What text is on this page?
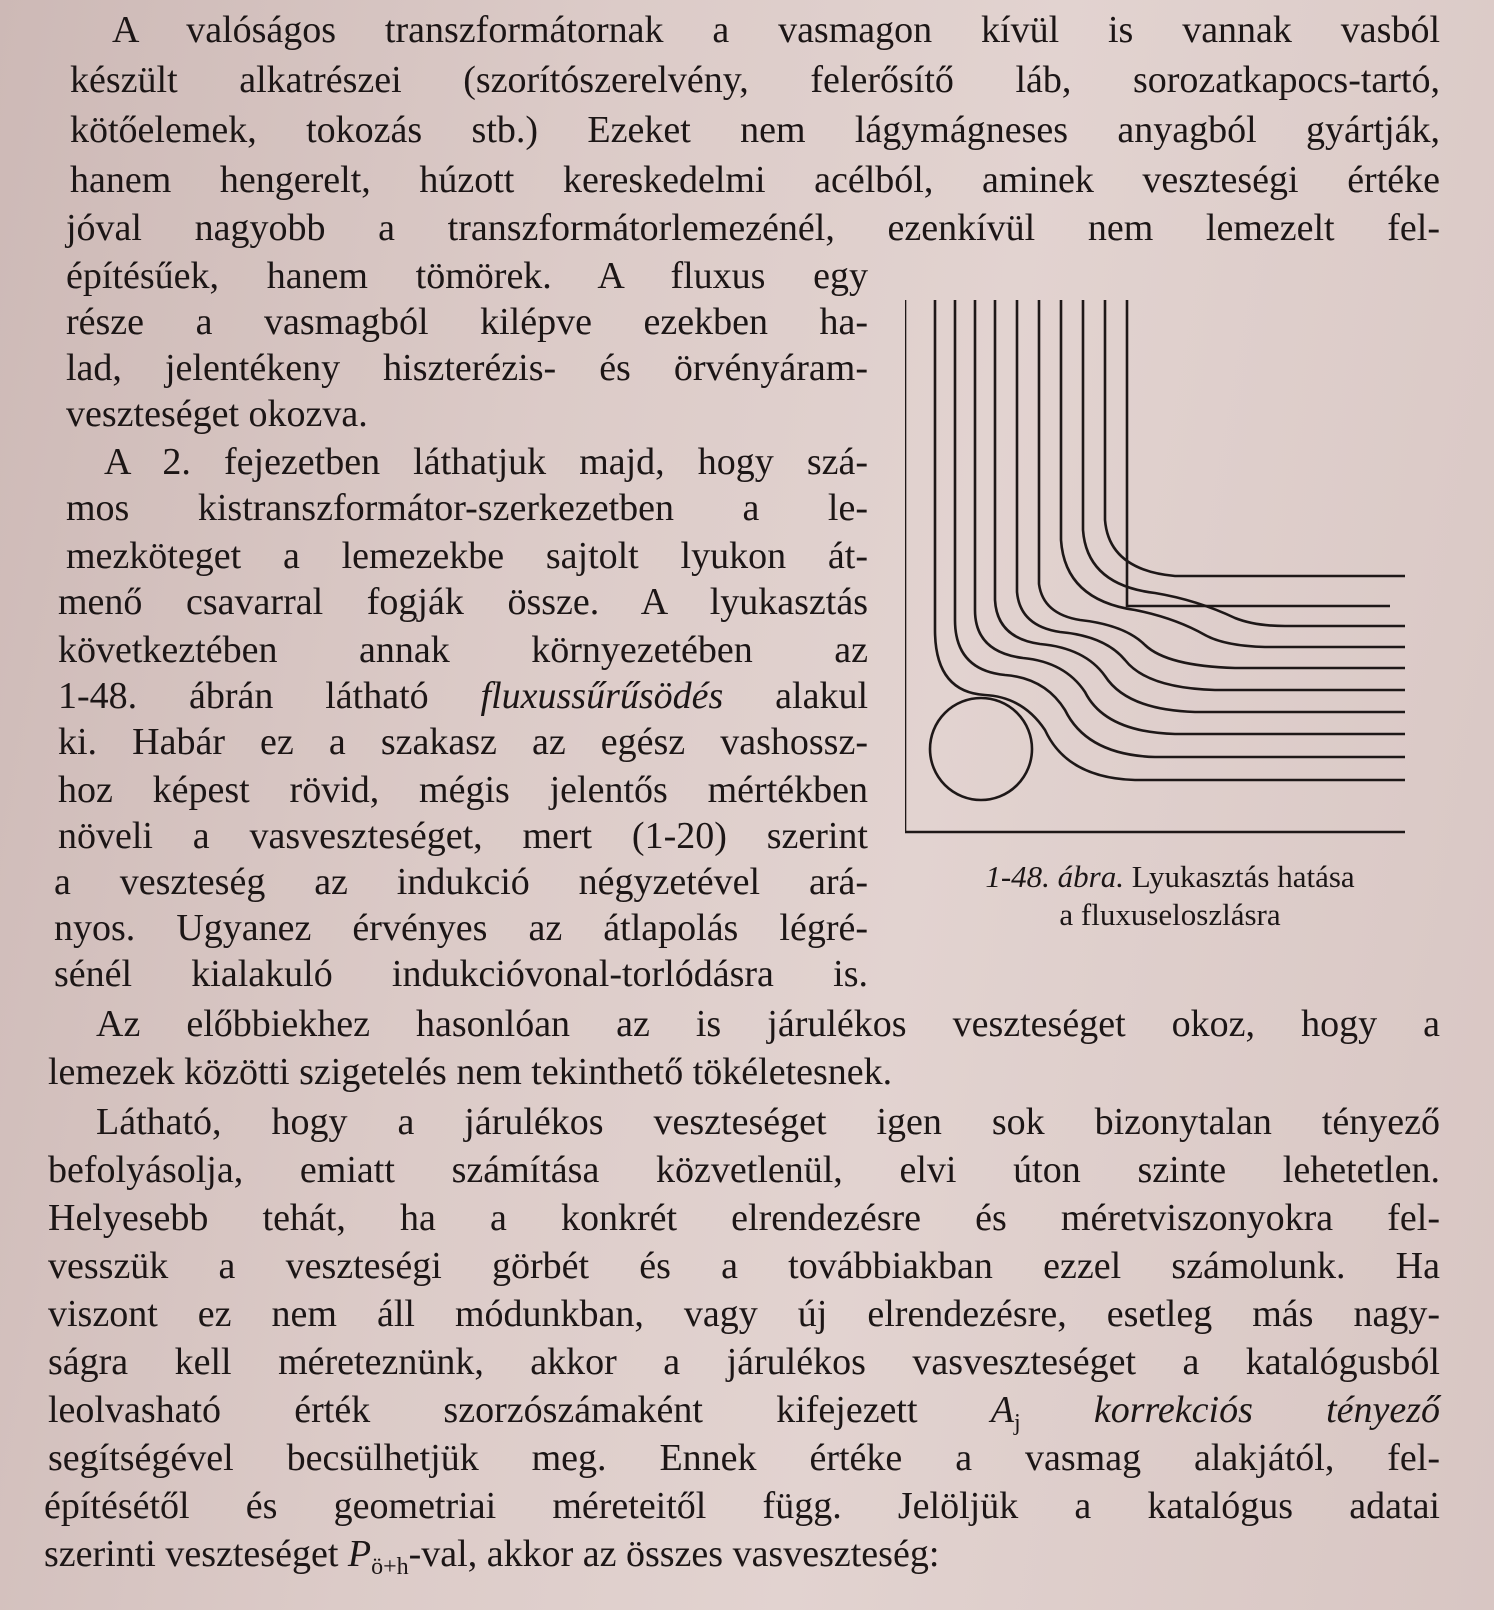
A valóságos transzformátornak a vasmagon kívül is vannak vasból
készült alkatrészei (szorítószerelvény, felerősítő láb, sorozatkapocs-tartó,
kötőelemek, tokozás stb.) Ezeket nem lágymágneses anyagból gyártják,
hanem hengerelt, húzott kereskedelmi acélból, aminek veszteségi értéke
jóval nagyobb a transzformátorlemezénél, ezenkívül nem lemezelt fel-
építésűek, hanem tömörek. A fluxus egy
része a vasmagból kilépve ezekben ha-
lad, jelentékeny hiszterézis- és örvényáram-
veszteséget okozva.
A 2. fejezetben láthatjuk majd, hogy szá-
mos kistranszformátor-szerkezetben a le-
mezköteget a lemezekbe sajtolt lyukon át-
menő csavarral fogják össze. A lyukasztás
következtében annak környezetében az
1-48. ábrán látható fluxussűrűsödés alakul
ki. Habár ez a szakasz az egész vashossz-
hoz képest rövid, mégis jelentős mértékben
növeli a vasveszteséget, mert (1-20) szerint
a veszteség az indukció négyzetével ará-
nyos. Ugyanez érvényes az átlapolás légré-
sénél kialakuló indukcióvonal-torlódásra is.
1-48. ábra. Lyukasztás hatása
a fluxuseloszlásra
Az előbbiekhez hasonlóan az is járulékos veszteséget okoz, hogy a
lemezek közötti szigetelés nem tekinthető tökéletesnek.
Látható, hogy a járulékos veszteséget igen sok bizonytalan tényező
befolyásolja, emiatt számítása közvetlenül, elvi úton szinte lehetetlen.
Helyesebb tehát, ha a konkrét elrendezésre és méretviszonyokra fel-
vesszük a veszteségi görbét és a továbbiakban ezzel számolunk. Ha
viszont ez nem áll módunkban, vagy új elrendezésre, esetleg más nagy-
ságra kell méreteznünk, akkor a járulékos vasveszteséget a katalógusból
leolvasható érték szorzószámaként kifejezett $A_j$ korrekciós tényező
segítségével becsülhetjük meg. Ennek értéke a vasmag alakjától, fel-
építésétől és geometriai méreteitől függ. Jelöljük a katalógus adatai
szerinti veszteséget $P_{ö+h}$-val, akkor az összes vasveszteség:
